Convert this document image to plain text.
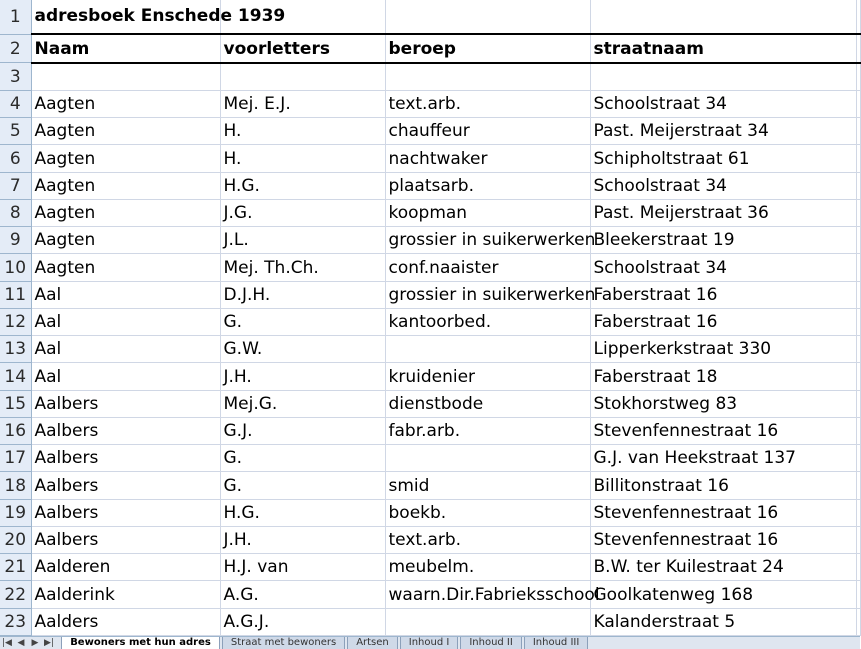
1	adresboek Enschede 1939				
2	Naam	voorletters	beroep	straatnaam	
3					
4	Aagten	Mej. E.J.	text.arb.	Schoolstraat 34	
5	Aagten	H.	chauffeur	Past. Meijerstraat 34	
6	Aagten	H.	nachtwaker	Schipholtstraat 61	
7	Aagten	H.G.	plaatsarb.	Schoolstraat 34	
8	Aagten	J.G.	koopman	Past. Meijerstraat 36	
9	Aagten	J.L.	grossier in suikerwerken	Bleekerstraat 19	
10	Aagten	Mej. Th.Ch.	conf.naaister	Schoolstraat 34	
11	Aal	D.J.H.	grossier in suikerwerken	Faberstraat 16	
12	Aal	G.	kantoorbed.	Faberstraat 16	
13	Aal	G.W.		Lipperkerkstraat 330	
14	Aal	J.H.	kruidenier	Faberstraat 18	
15	Aalbers	Mej.G.	dienstbode	Stokhorstweg 83	
16	Aalbers	G.J.	fabr.arb.	Stevenfennestraat 16	
17	Aalbers	G.		G.J. van Heekstraat 137	
18	Aalbers	G.	smid	Billitonstraat 16	
19	Aalbers	H.G.	boekb.	Stevenfennestraat 16	
20	Aalbers	J.H.	text.arb.	Stevenfennestraat 16	
21	Aalderen	H.J. van	meubelm.	B.W. ter Kuilestraat 24	
22	Aalderink	A.G.	waarn.Dir.Fabrieksschool	Goolkatenweg 168	
23	Aalders	A.G.J.		Kalanderstraat 5	
|◀ ◀ ▶ ▶| Bewoners met hun adres Straat met bewoners Artsen Inhoud I Inhoud II Inhoud III
